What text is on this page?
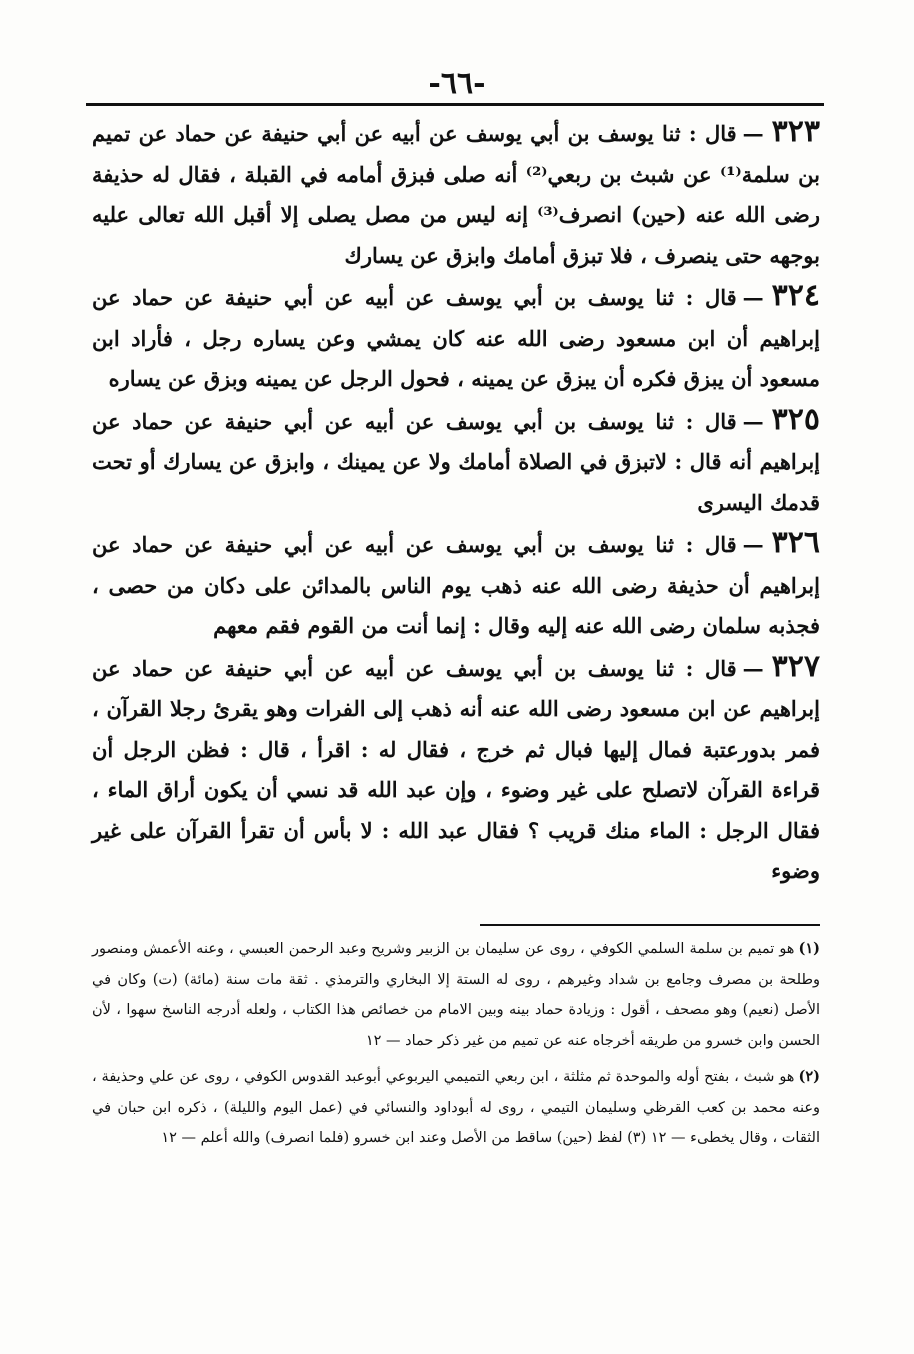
-٦٦-

٣٢٣—قال : ثنا يوسف بن أبي يوسف عن أبيه عن أبي حنيفة عن حماد عن تميم بن سلمة⁽¹⁾ عن شبث بن ربعي⁽²⁾ أنه صلى فبزق أمامه في القبلة ، فقال له حذيفة رضى الله عنه (حين) انصرف⁽³⁾ إنه ليس من مصل يصلى إلا أقبل الله تعالى عليه بوجهه حتى ينصرف ، فلا تبزق أمامك وابزق عن يسارك

٣٢٤—قال : ثنا يوسف بن أبي يوسف عن أبيه عن أبي حنيفة عن حماد عن إبراهيم أن ابن مسعود رضى الله عنه كان يمشي وعن يساره رجل ، فأراد ابن مسعود أن يبزق فكره أن يبزق عن يمينه ، فحول الرجل عن يمينه وبزق عن يساره

٣٢٥—قال : ثنا يوسف بن أبي يوسف عن أبيه عن أبي حنيفة عن حماد عن إبراهيم أنه قال : لاتبزق في الصلاة أمامك ولا عن يمينك ، وابزق عن يسارك أو تحت قدمك اليسرى

٣٢٦—قال : ثنا يوسف بن أبي يوسف عن أبيه عن أبي حنيفة عن حماد عن إبراهيم أن حذيفة رضى الله عنه ذهب يوم الناس بالمدائن على دكان من حصى ، فجذبه سلمان رضى الله عنه إليه وقال : إنما أنت من القوم فقم معهم

٣٢٧—قال : ثنا يوسف بن أبي يوسف عن أبيه عن أبي حنيفة عن حماد عن إبراهيم عن ابن مسعود رضى الله عنه أنه ذهب إلى الفرات وهو يقرئ رجلا القرآن ، فمر بدورعتبة فمال إليها فبال ثم خرج ، فقال له : اقرأ ، قال : فظن الرجل أن قراءة القرآن لاتصلح على غير وضوء ، وإن عبد الله قد نسي أن يكون أراق الماء ، فقال الرجل : الماء منك قريب ؟ فقال عبد الله : لا بأس أن تقرأ القرآن على غير وضوء

(١)هو تميم بن سلمة السلمي الكوفي ، روى عن سليمان بن الزبير وشريح وعبد الرحمن العبسي ، وعنه الأعمش ومنصور وطلحة بن مصرف وجامع بن شداد وغيرهم ، روى له الستة إلا البخاري والترمذي . ثقة مات سنة (مائة) (ت) وكان في الأصل (نعيم) وهو مصحف ، أقول : وزيادة حماد بينه وبين الامام من خصائص هذا الكتاب ، ولعله أدرجه الناسخ سهوا ، لأن الحسن وابن خسرو من طريقه أخرجاه عنه عن تميم من غير ذكر حماد — ١٢

(٢)هو شبث ، بفتح أوله والموحدة ثم مثلثة ، ابن ربعي التميمي اليربوعي أبوعبد القدوس الكوفي ، روى عن علي وحذيفة ، وعنه محمد بن كعب القرظي وسليمان التيمي ، روى له أبوداود والنسائي في (عمل اليوم والليلة) ، ذكره ابن حبان في الثقات ، وقال يخطىء — ١٢ (٣) لفظ (حين) ساقط من الأصل وعند ابن خسرو (فلما انصرف) والله أعلم — ١٢
